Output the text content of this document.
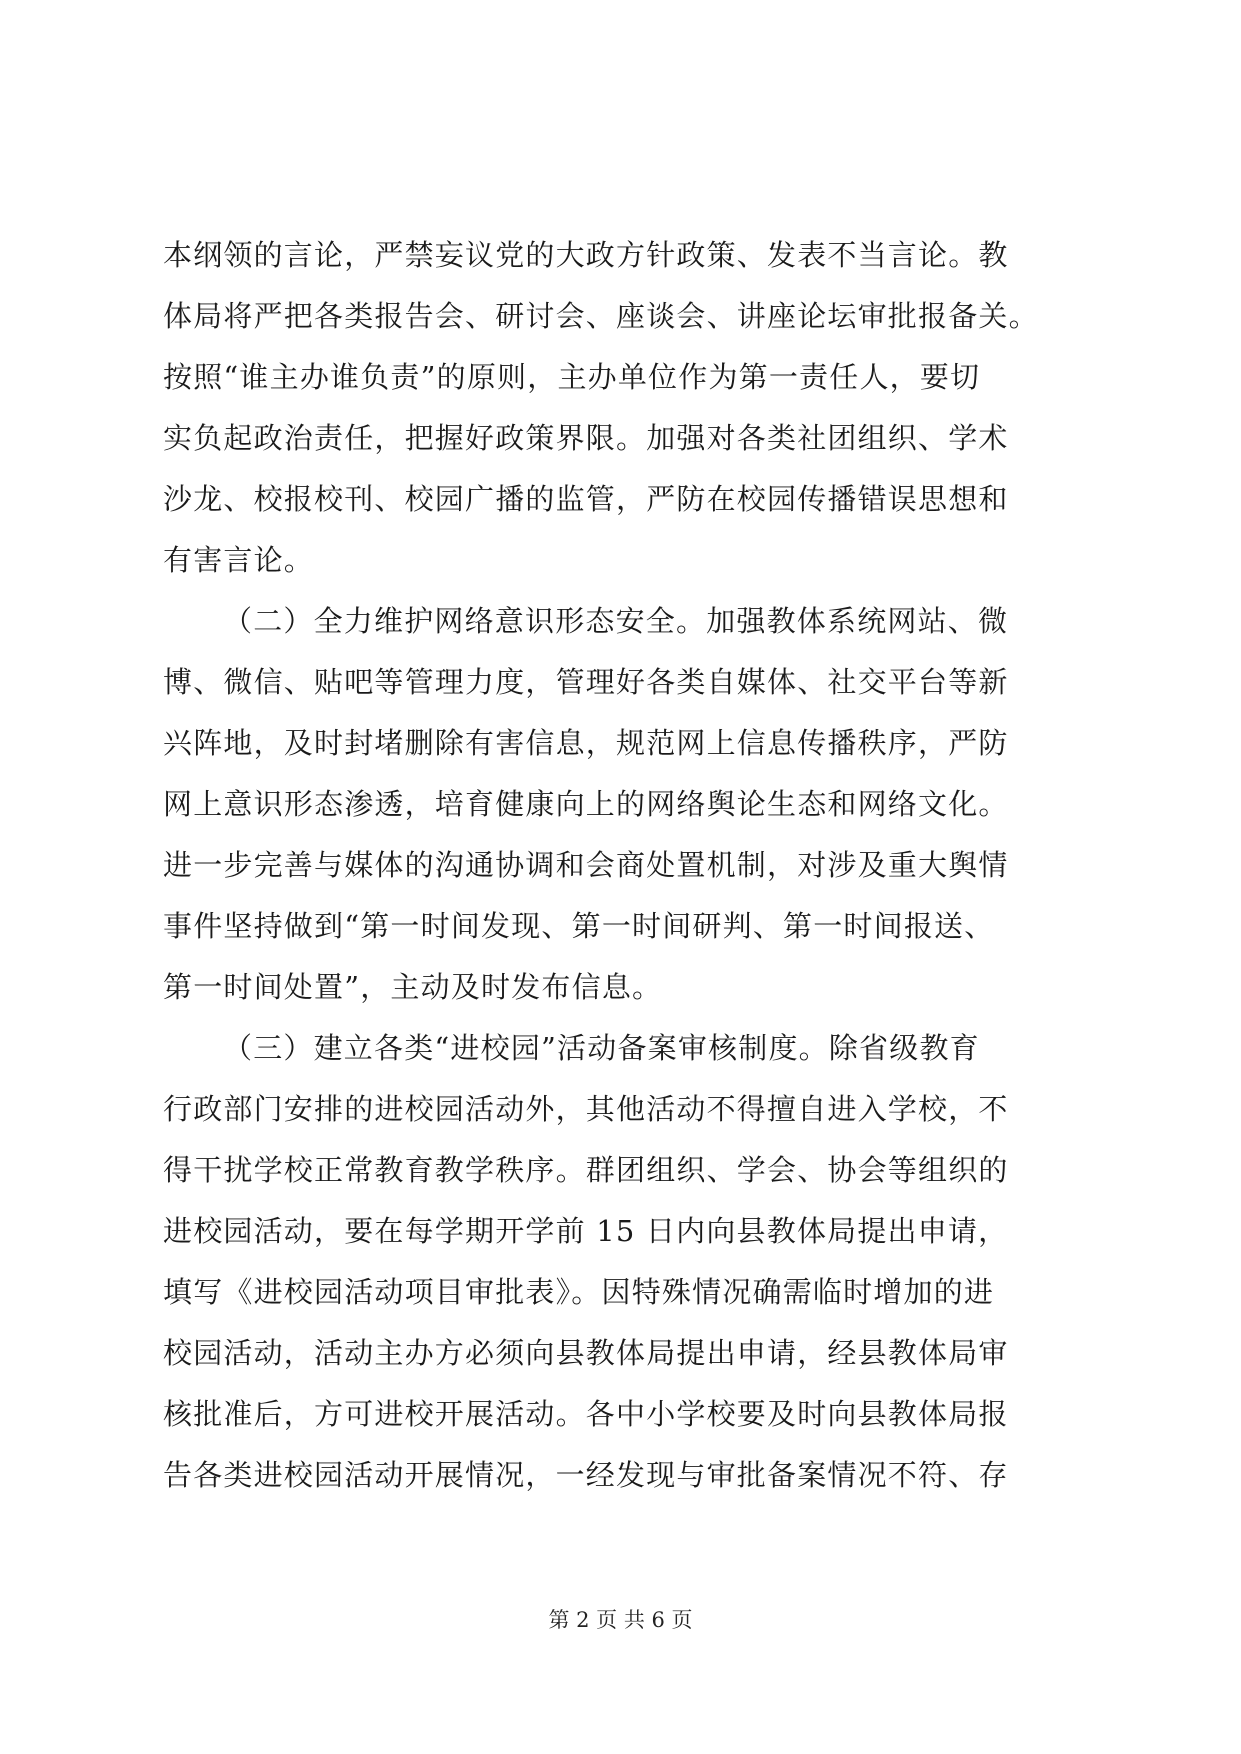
本纲领的言论，严禁妄议党的大政方针政策、发表不当言论。教
体局将严把各类报告会、研讨会、座谈会、讲座论坛审批报备关。
按照“谁主办谁负责”的原则，主办单位作为第一责任人，要切
实负起政治责任，把握好政策界限。加强对各类社团组织、学术
沙龙、校报校刊、校园广播的监管，严防在校园传播错误思想和
有害言论。
（二）全力维护网络意识形态安全。加强教体系统网站、微
博、微信、贴吧等管理力度，管理好各类自媒体、社交平台等新
兴阵地，及时封堵删除有害信息，规范网上信息传播秩序，严防
网上意识形态渗透，培育健康向上的网络舆论生态和网络文化。
进一步完善与媒体的沟通协调和会商处置机制，对涉及重大舆情
事件坚持做到“第一时间发现、第一时间研判、第一时间报送、
第一时间处置”，主动及时发布信息。
（三）建立各类“进校园”活动备案审核制度。除省级教育
行政部门安排的进校园活动外，其他活动不得擅自进入学校，不
得干扰学校正常教育教学秩序。群团组织、学会、协会等组织的
进校园活动，要在每学期开学前 15 日内向县教体局提出申请，
填写《进校园活动项目审批表》。因特殊情况确需临时增加的进
校园活动，活动主办方必须向县教体局提出申请，经县教体局审
核批准后，方可进校开展活动。各中小学校要及时向县教体局报
告各类进校园活动开展情况，一经发现与审批备案情况不符、存
第 2 页 共 6 页
